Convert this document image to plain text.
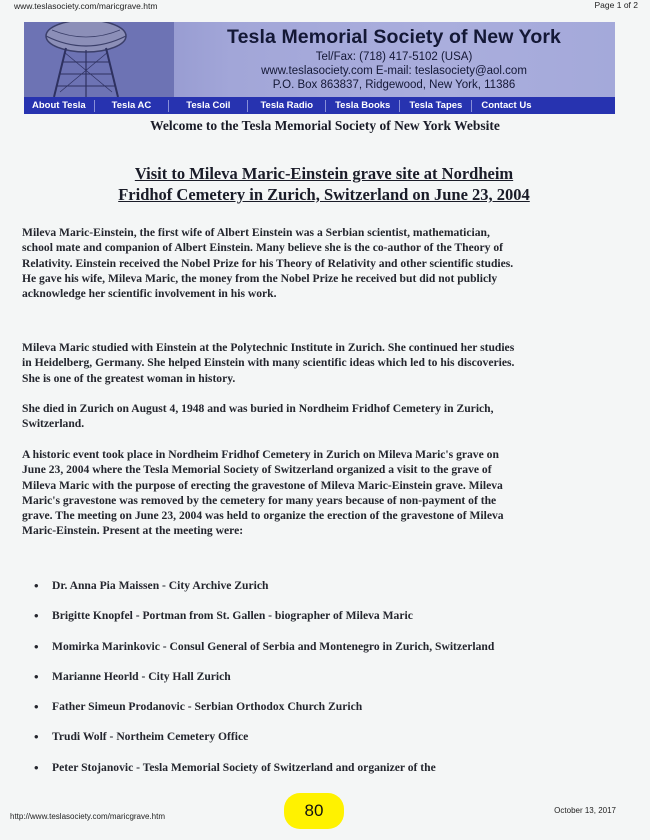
www.teslasociety.com/maricgrave.htm	Page 1 of 2
Tesla Memorial Society of New York
Tel/Fax: (718) 417-5102 (USA)
www.teslasociety.com E-mail: teslasociety@aol.com
P.O. Box 863837, Ridgewood, New York, 11386
About Tesla	Tesla AC	Tesla Coil	Tesla Radio	Tesla Books	Tesla Tapes	Contact Us
Welcome to the Tesla Memorial Society of New York Website
Visit to Mileva Maric-Einstein grave site at Nordheim
Fridhof Cemetery in Zurich, Switzerland on June 23, 2004

Mileva Maric-Einstein, the first wife of Albert Einstein was a Serbian scientist, mathematician, school mate and companion of Albert Einstein. Many believe she is the co-author of the Theory of Relativity. Einstein received the Nobel Prize for his Theory of Relativity and other scientific studies. He gave his wife, Mileva Maric, the money from the Nobel Prize he received but did not publicly acknowledge her scientific involvement in his work.

Mileva Maric studied with Einstein at the Polytechnic Institute in Zurich. She continued her studies in Heidelberg, Germany. She helped Einstein with many scientific ideas which led to his discoveries. She is one of the greatest woman in history.

She died in Zurich on August 4, 1948 and was buried in Nordheim Fridhof Cemetery in Zurich, Switzerland.

A historic event took place in Nordheim Fridhof Cemetery in Zurich on Mileva Maric's grave on June 23, 2004 where the Tesla Memorial Society of Switzerland organized a visit to the grave of Mileva Maric with the purpose of erecting the gravestone of Mileva Maric-Einstein grave. Mileva Maric's gravestone was removed by the cemetery for many years because of non-payment of the grave. The meeting on June 23, 2004 was held to organize the erection of the gravestone of Mileva Maric-Einstein. Present at the meeting were:

• Dr. Anna Pia Maissen - City Archive Zurich
• Brigitte Knopfel - Portman from St. Gallen - biographer of Mileva Maric
• Momirka Marinkovic - Consul General of Serbia and Montenegro in Zurich, Switzerland
• Marianne Heorld - City Hall Zurich
• Father Simeun Prodanovic - Serbian Orthodox Church Zurich
• Trudi Wolf - Northeim Cemetery Office
• Peter Stojanovic - Tesla Memorial Society of Switzerland and organizer of the
http://www.teslasociety.com/maricgrave.htm	80	October 13, 2017
